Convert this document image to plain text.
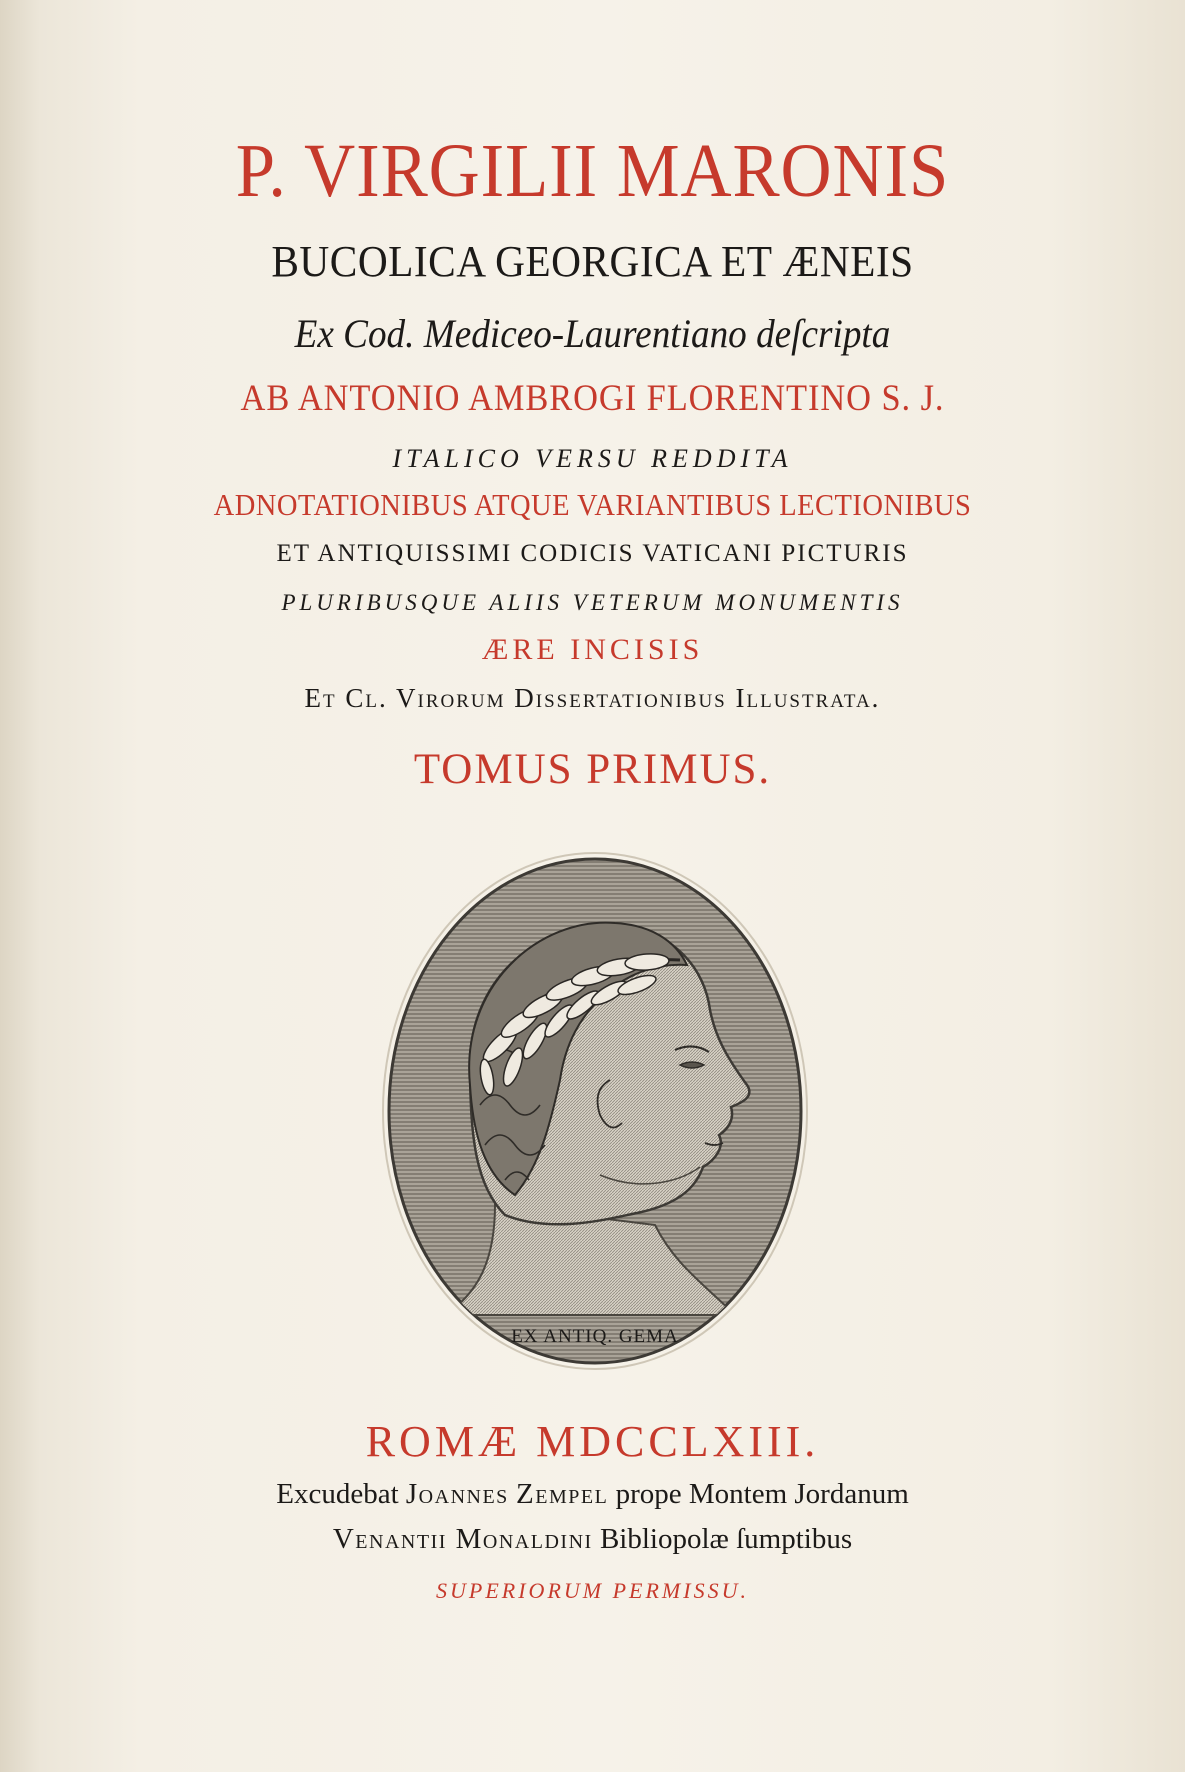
P. VIRGILII MARONIS
BUCOLICA GEORGICA ET ÆNEIS
Ex Cod. Mediceo-Laurentiano deſcripta
AB ANTONIO AMBROGI FLORENTINO S. J.
ITALICO VERSU REDDITA
ADNOTATIONIBUS ATQUE VARIANTIBUS LECTIONIBUS
ET ANTIQUISSIMI CODICIS VATICANI PICTURIS
PLURIBUSQUE ALIIS VETERUM MONUMENTIS
ÆRE INCISIS
Et Cl. Virorum Dissertationibus Illustrata.
TOMUS PRIMUS.
EX ANTIQ. GEMA
ROMÆ MDCCLXIII.
Excudebat Joannes Zempel prope Montem Jordanum
Venantii Monaldini Bibliopolæ ſumptibus
SUPERIORUM PERMISSU.
